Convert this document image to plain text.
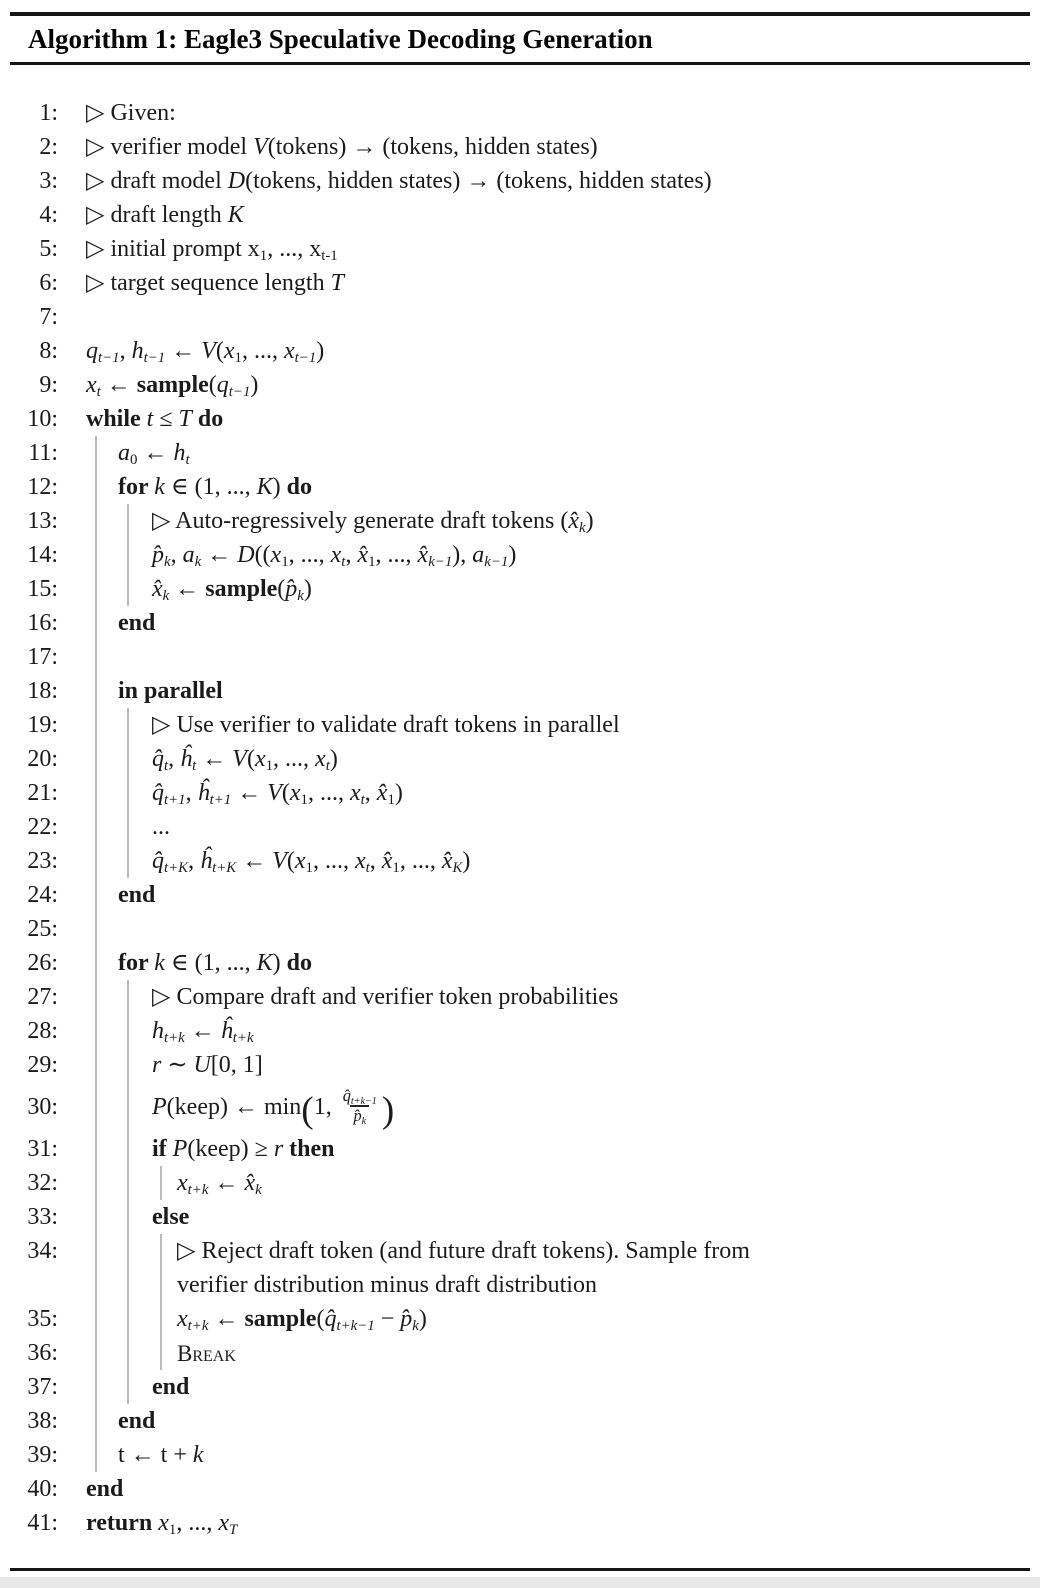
Algorithm 1: Eagle3 Speculative Decoding Generation
1: ▷ Given:
2: ▷ verifier model V(tokens) → (tokens, hidden states)
3: ▷ draft model D(tokens, hidden states) → (tokens, hidden states)
4: ▷ draft length K
5: ▷ initial prompt x1, ..., xt-1
6: ▷ target sequence length T
7:
8: qt−1, ht−1 ← V(x1, ..., xt−1)
9: xt ← sample(qt−1)
10: while t ≤ T do
11:	a0 ← ht
12:	for k ∈ (1, ..., K) do
13:	▷ Auto-regressively generate draft tokens (x̂k)
14:	p̂k, ak ← D((x1, ..., xt, x̂1, ..., x̂k−1), ak−1)
15:	x̂k ← sample(p̂k)
16:	end
17:
18:	in parallel
19:	▷ Use verifier to validate draft tokens in parallel
20:	q̂t, ĥt ← V(x1, ..., xt)
21:	q̂t+1, ĥt+1 ← V(x1, ..., xt, x̂1)
22:	...
23:	q̂t+K, ĥt+K ← V(x1, ..., xt, x̂1, ..., x̂K)
24:	end
25:
26:	for k ∈ (1, ..., K) do
27:	▷ Compare draft and verifier token probabilities
28:	ht+k ← ĥt+k
29:	r ∼ U[0, 1]
30:	P(keep) ← min(1, $\frac{q̂t+k-1}{p̂k}$ )
31:	if P(keep) ≥ r then
32:	xt+k ← x̂k
33:	else
34:	▷ Reject draft token (and future draft tokens). Sample from
verifier distribution minus draft distribution
35:	xt+k ← sample(q̂t+k−1 − p̂k)
36:	Break
37:	end
38:	end
39:	t ← t + k
40: end
41: return x1, ..., xT
